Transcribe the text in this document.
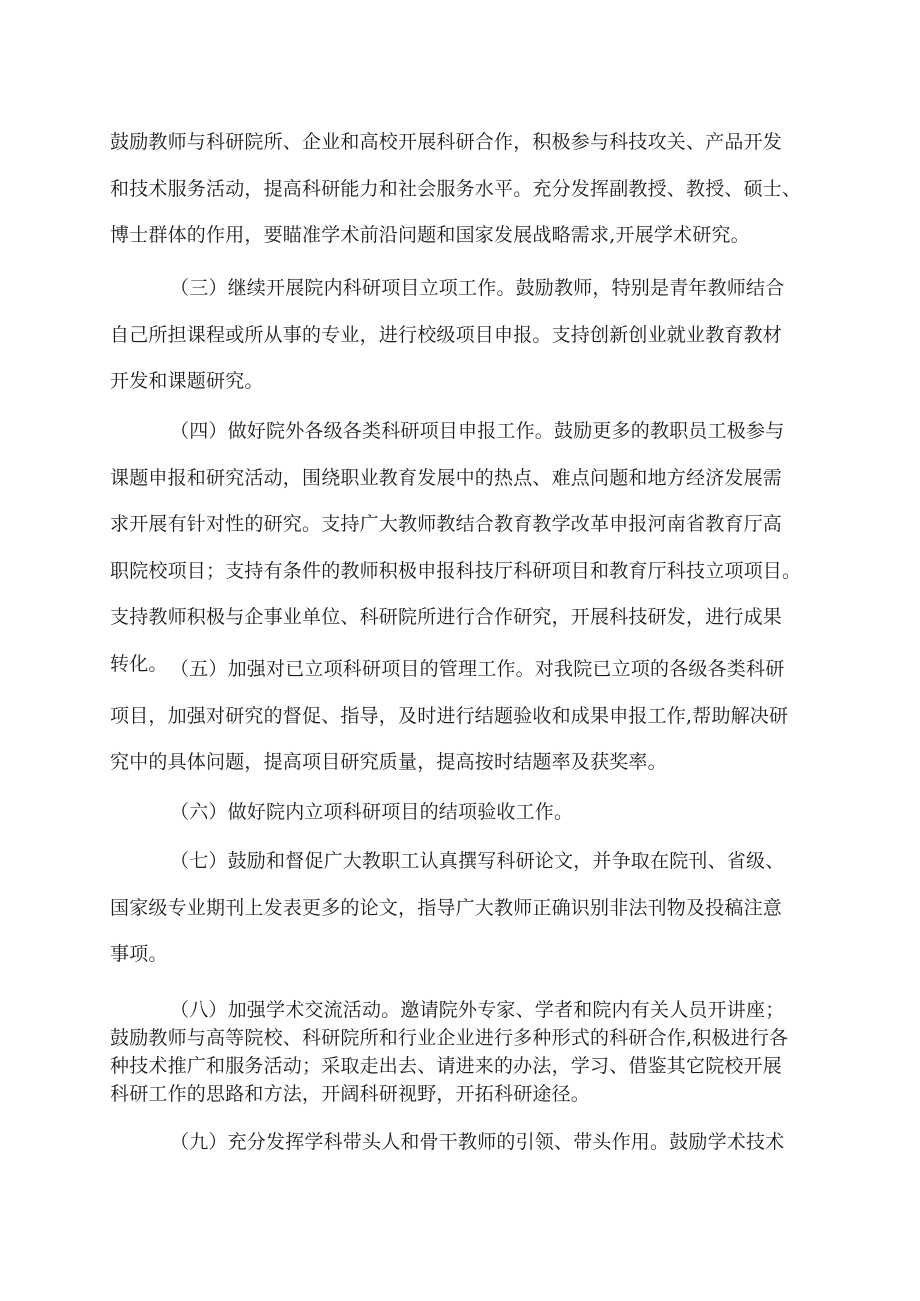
鼓励教师与科研院所、企业和高校开展科研合作，积极参与科技攻关、产品开发
和技术服务活动，提高科研能力和社会服务水平。充分发挥副教授、教授、硕士、
博士群体的作用，要瞄准学术前沿问题和国家发展战略需求,开展学术研究。

（三）继续开展院内科研项目立项工作。鼓励教师，特别是青年教师结合
自己所担课程或所从事的专业，进行校级项目申报。支持创新创业就业教育教材
开发和课题研究。

（四）做好院外各级各类科研项目申报工作。鼓励更多的教职员工极参与
课题申报和研究活动，围绕职业教育发展中的热点、难点问题和地方经济发展需
求开展有针对性的研究。支持广大教师教结合教育教学改革申报河南省教育厅高
职院校项目；支持有条件的教师积极申报科技厅科研项目和教育厅科技立项项目。
支持教师积极与企事业单位、科研院所进行合作研究，开展科技研发，进行成果
转化。 （五）加强对已立项科研项目的管理工作。对我院已立项的各级各类科研
项目，加强对研究的督促、指导，及时进行结题验收和成果申报工作,帮助解决研
究中的具体问题，提高项目研究质量，提高按时结题率及获奖率。

（六）做好院内立项科研项目的结项验收工作。

（七）鼓励和督促广大教职工认真撰写科研论文，并争取在院刊、省级、
国家级专业期刊上发表更多的论文，指导广大教师正确识别非法刊物及投稿注意
事项。

（八）加强学术交流活动。邀请院外专家、学者和院内有关人员开讲座；
鼓励教师与高等院校、科研院所和行业企业进行多种形式的科研合作,积极进行各
种技术推广和服务活动；采取走出去、请进来的办法，学习、借鉴其它院校开展
科研工作的思路和方法，开阔科研视野，开拓科研途径。

（九）充分发挥学科带头人和骨干教师的引领、带头作用。鼓励学术技术
